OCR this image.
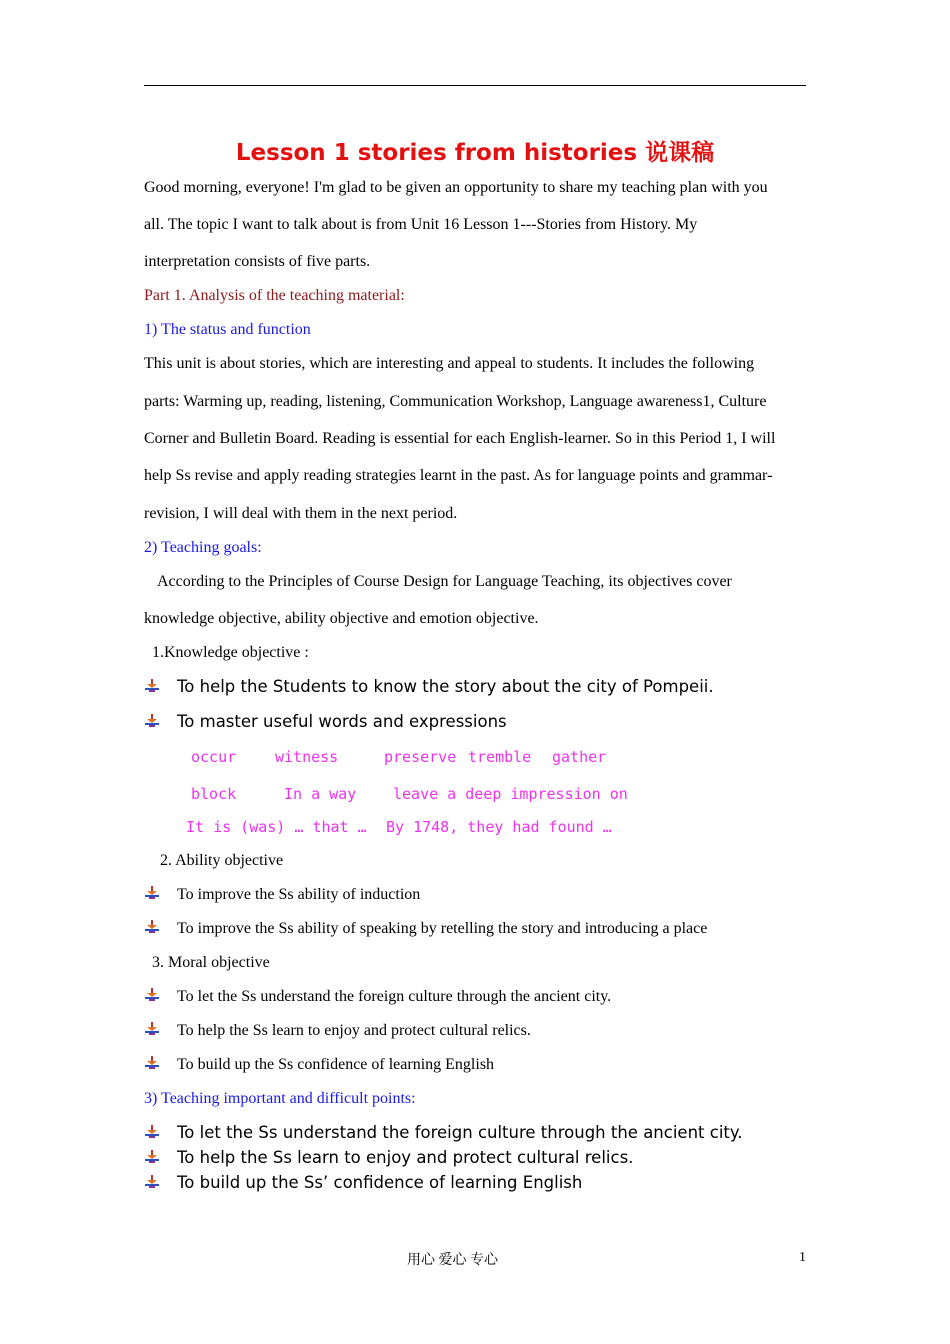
Lesson 1 stories from histories 说课稿
Good morning, everyone! I'm glad to be given an opportunity to share my teaching plan with you
all. The topic I want to talk about is from Unit 16 Lesson 1---Stories from History. My
interpretation consists of five parts.
Part 1. Analysis of the teaching material:
1) The status and function
This unit is about stories, which are interesting and appeal to students. It includes the following
parts: Warming up, reading, listening, Communication Workshop, Language awareness1, Culture
Corner and Bulletin Board. Reading is essential for each English-learner. So in this Period 1, I will
help Ss revise and apply reading strategies learnt in the past. As for language points and grammar-
revision, I will deal with them in the next period.
2) Teaching goals:
According to the Principles of Course Design for Language Teaching, its objectives cover
knowledge objective, ability objective and emotion objective.
1.Knowledge objective :
To help the Students to know the story about the city of Pompeii.
To master useful words and expressions
occur	witness	preserve tremble gather
block	In a way leave a deep impression on
It is (was) … that … By 1748, they had found …
2. Ability objective
To improve the Ss ability of induction
To improve the Ss ability of speaking by retelling the story and introducing a place
3. Moral objective
To let the Ss understand the foreign culture through the ancient city.
To help the Ss learn to enjoy and protect cultural relics.
To build up the Ss confidence of learning English
3) Teaching important and difficult points:
To let the Ss understand the foreign culture through the ancient city.
To help the Ss learn to enjoy and protect cultural relics.
To build up the Ss’ confidence of learning English
用心 爱心 专心	1
